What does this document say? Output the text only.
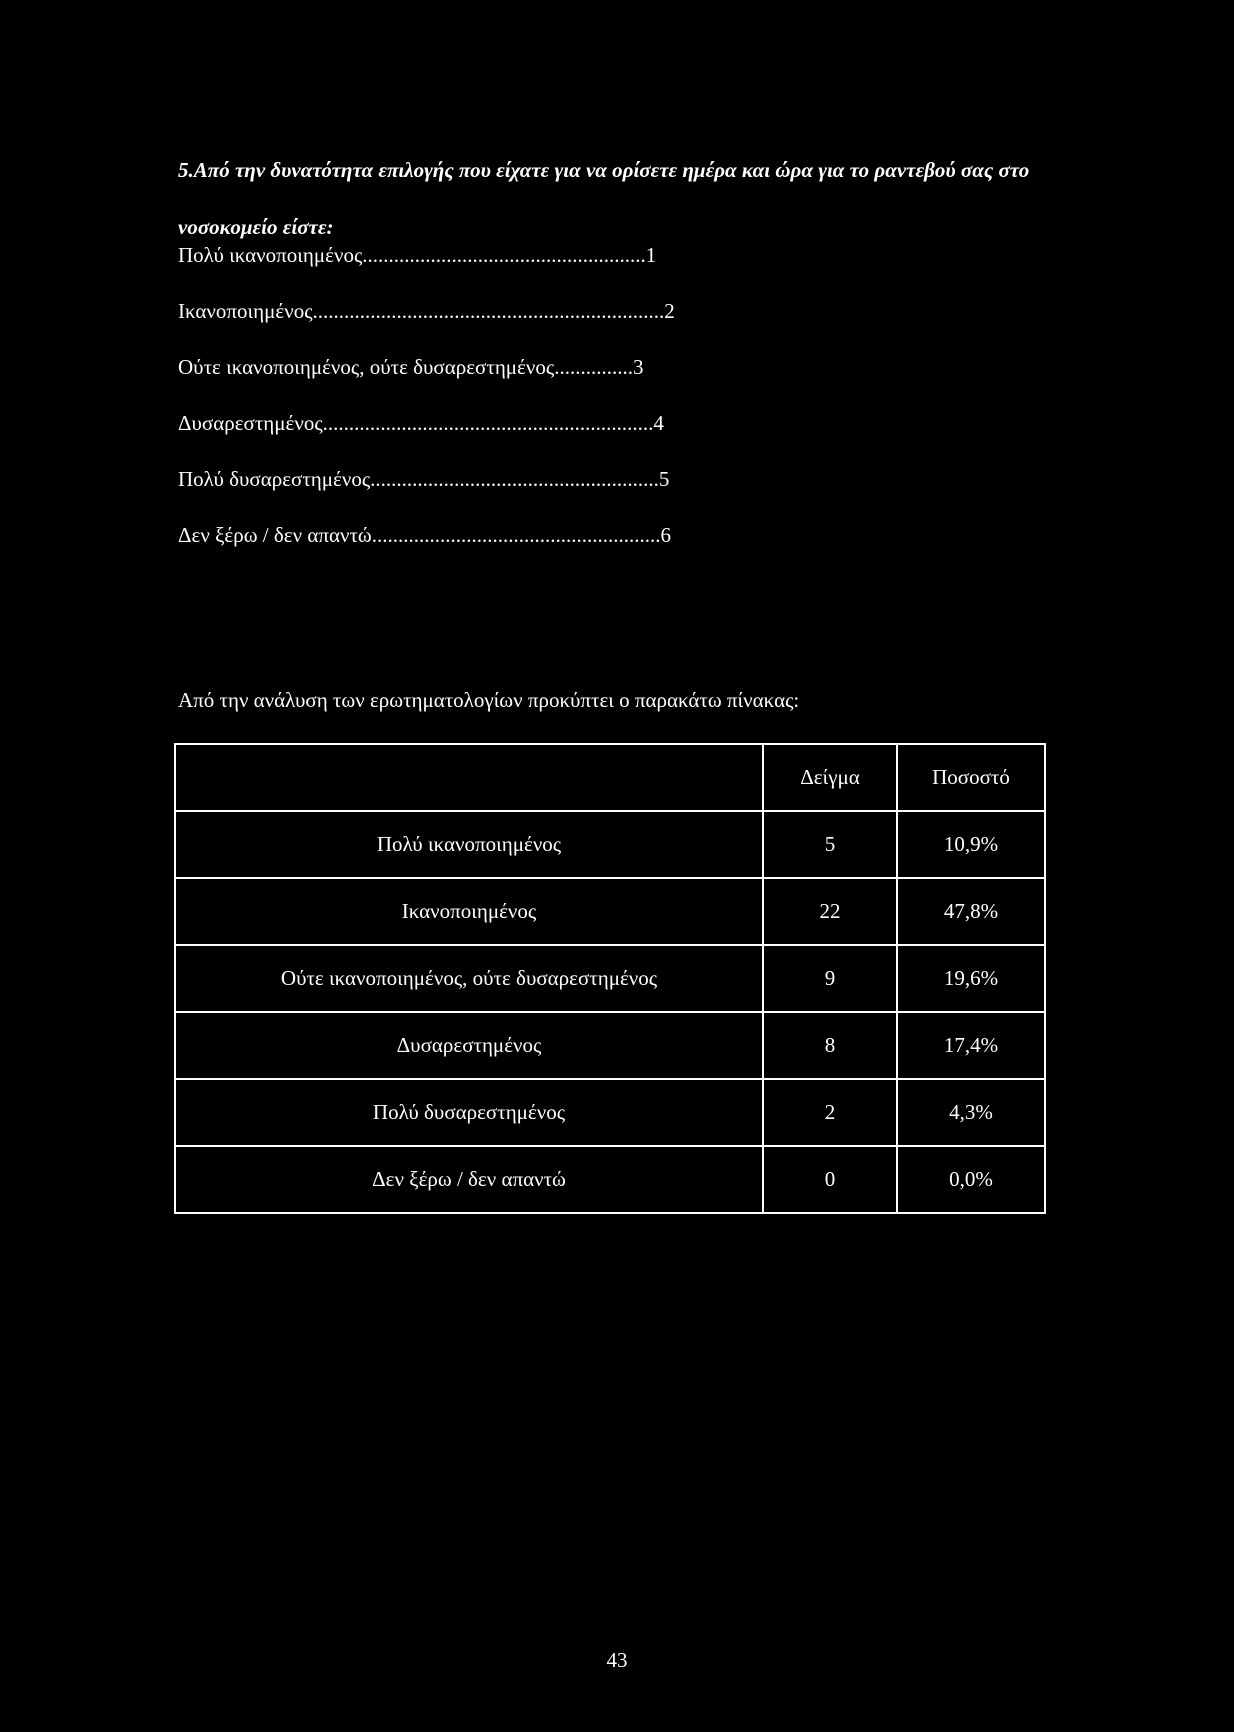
5.Από την δυνατότητα επιλογής που είχατε για να ορίσετε ημέρα και ώρα για το ραντεβού σας στο νοσοκομείο είστε:

Πολύ ικανοποιημένος......................................................1
Ικανοποιημένος...................................................................2
Ούτε ικανοποιημένος, ούτε δυσαρεστημένος...............3
Δυσαρεστημένος...............................................................4
Πολύ δυσαρεστημένος.......................................................5
Δεν ξέρω / δεν απαντώ.......................................................6

Από την ανάλυση των ερωτηματολογίων προκύπτει ο παρακάτω πίνακας:

	Δείγμα	Ποσοστό
Πολύ ικανοποιημένος	5	10,9%
Ικανοποιημένος	22	47,8%
Ούτε ικανοποιημένος, ούτε δυσαρεστημένος	9	19,6%
Δυσαρεστημένος	8	17,4%
Πολύ δυσαρεστημένος	2	4,3%
Δεν ξέρω / δεν απαντώ	0	0,0%
43
